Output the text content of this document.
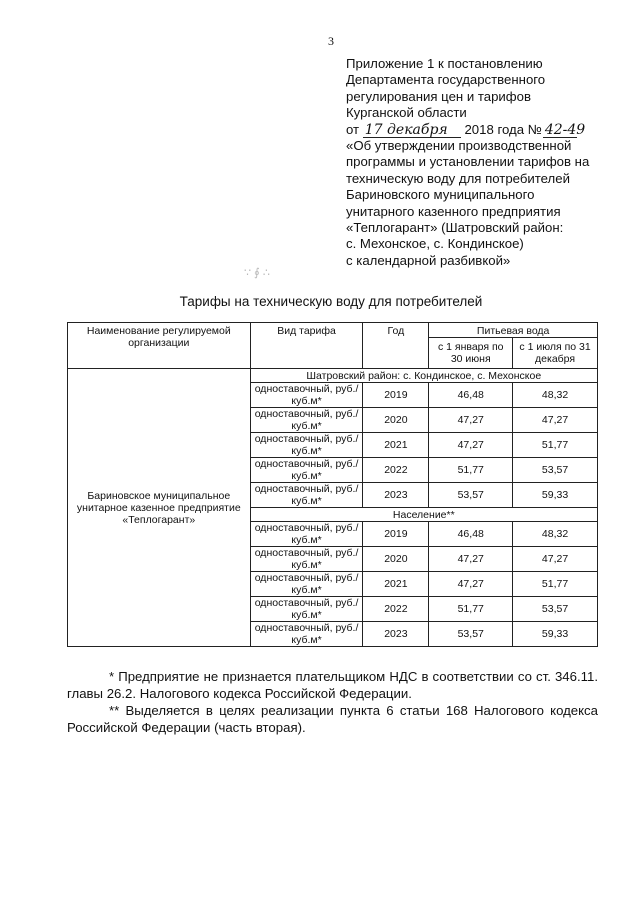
3
Приложение 1 к постановлению
Департамента государственного
регулирования цен и тарифов
Курганской области
от 17 декабря 2018 года № 42-49
«Об утверждении производственной
программы и установлении тарифов на
техническую воду для потребителей
Бариновского муниципального
унитарного казенного предприятия
«Теплогарант» (Шатровский район:
с. Мехонское, с. Кондинское)
с календарной разбивкой»
∵ ∮ ∴
Тарифы на техническую воду для потребителей
Наименование регулируемой организации	Вид тарифа	Год	Питьевая вода	
			с 1 января по 30 июня	с 1 июля по 31 декабря
Бариновское муниципальное унитарное казенное предприятие «Теплогарант»	Шатровский район: с. Кондинское, с. Мехонское			
	одноставочный, руб./куб.м*	2019	46,48	48,32
	одноставочный, руб./куб.м*	2020	47,27	47,27
	одноставочный, руб./куб.м*	2021	47,27	51,77
	одноставочный, руб./куб.м*	2022	51,77	53,57
	одноставочный, руб./куб.м*	2023	53,57	59,33
	Население**			
	одноставочный, руб./куб.м*	2019	46,48	48,32
	одноставочный, руб./куб.м*	2020	47,27	47,27
	одноставочный, руб./куб.м*	2021	47,27	51,77
	одноставочный, руб./куб.м*	2022	51,77	53,57
	одноставочный, руб./куб.м*	2023	53,57	59,33

* Предприятие не признается плательщиком НДС в соответствии со ст. 346.11. главы 26.2. Налогового кодекса Российской Федерации.

** Выделяется в целях реализации пункта 6 статьи 168 Налогового кодекса Российской Федерации (часть вторая).
